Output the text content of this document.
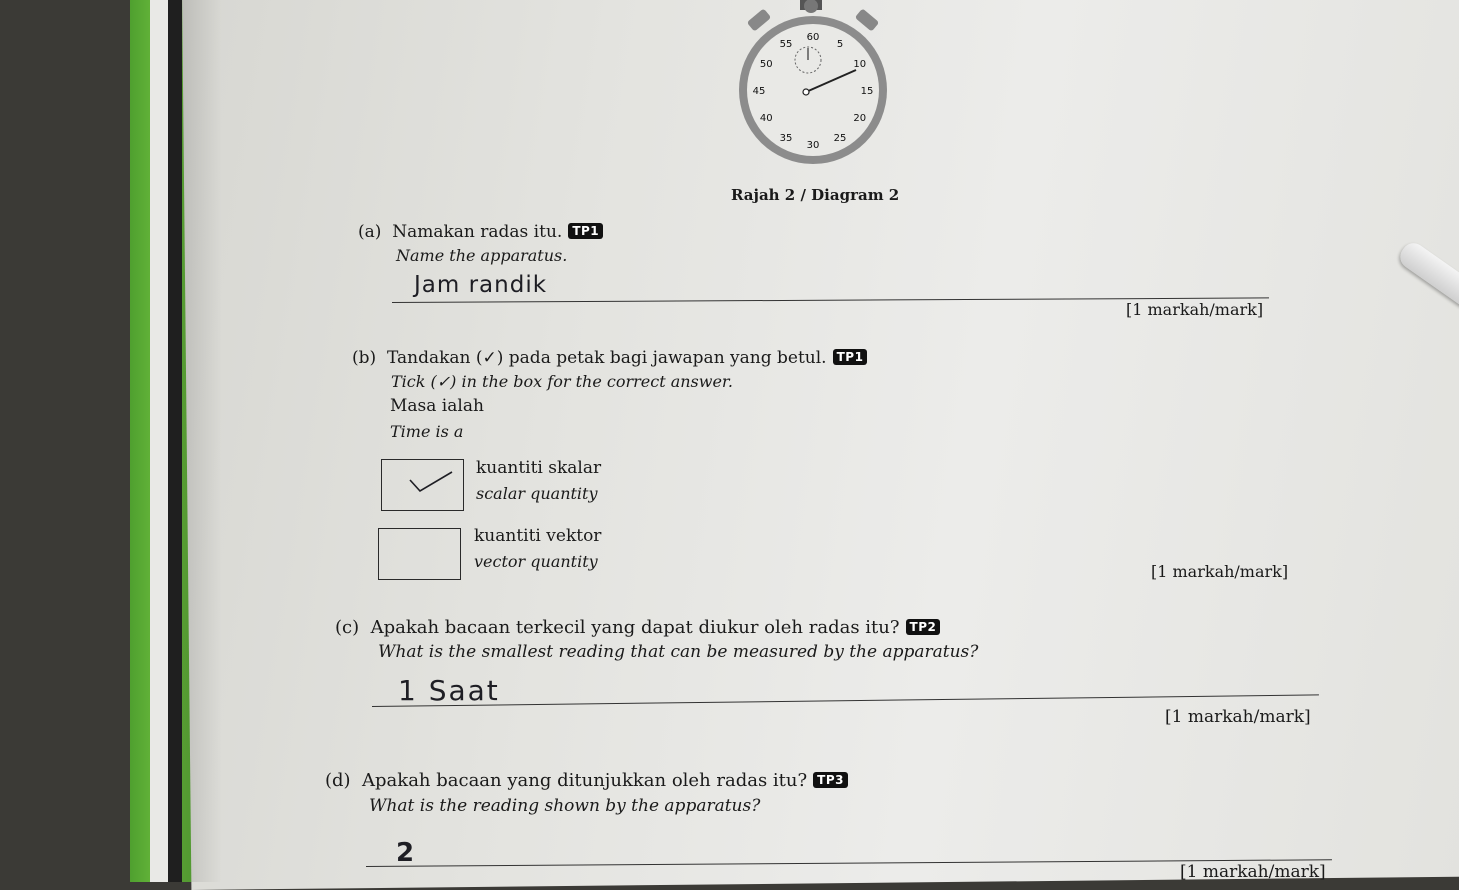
60
5
10
15
20
25
30
35
40
45
50
55
Rajah 2 / Diagram 2
(a) Namakan radas itu. TP1
Name the apparatus.
Jam randik
[1 markah/mark]
(b) Tandakan (✓) pada petak bagi jawapan yang betul. TP1
Tick (✓) in the box for the correct answer.
Masa ialah
Time is a
kuantiti skalar
scalar quantity
kuantiti vektor
vector quantity
[1 markah/mark]
(c) Apakah bacaan terkecil yang dapat diukur oleh radas itu? TP2
What is the smallest reading that can be measured by the apparatus?
1 Saat
[1 markah/mark]
(d) Apakah bacaan yang ditunjukkan oleh radas itu? TP3
What is the reading shown by the apparatus?
2
[1 markah/mark]
